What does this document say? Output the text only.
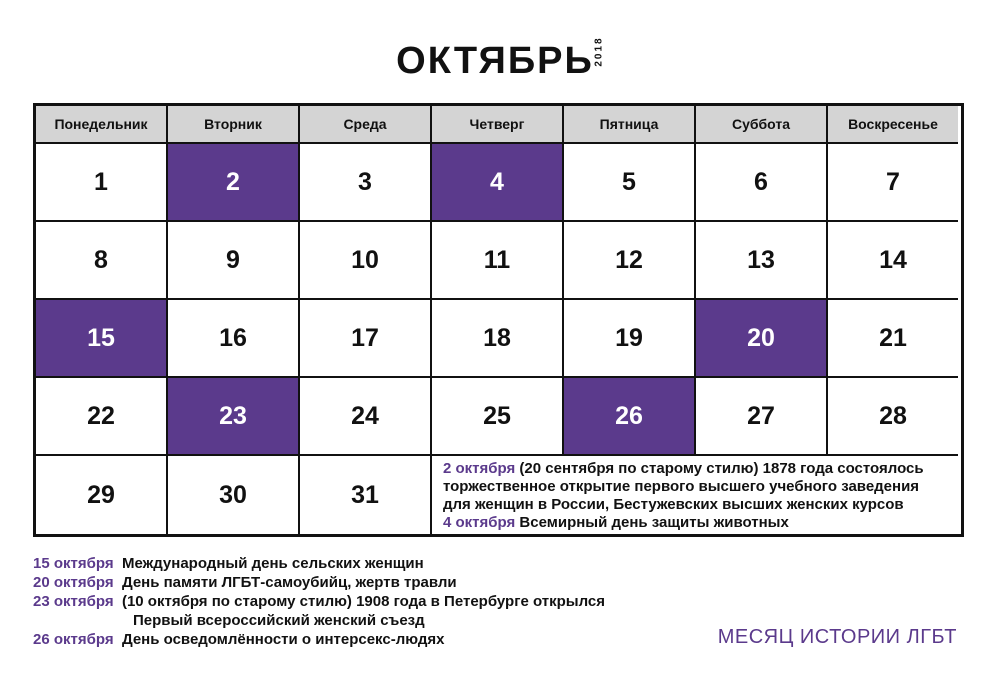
ОКТЯБРЬ 2018
Понедельник	Вторник	Среда	Четверг	Пятница	Суббота	Воскресенье
1	2	3	4	5	6	7
8	9	10	11	12	13	14
15	16	17	18	19	20	21
22	23	24	25	26	27	28
29	30	31
2 октября (20 сентября по старому стилю) 1878 года состоялось
торжественное открытие первого высшего учебного заведения
для женщин в России, Бестужевских высших женских курсов
4 октября Всемирный день защиты животных
15 октября Международный день сельских женщин
20 октября День памяти ЛГБТ-самоубийц, жертв травли
23 октября (10 октября по старому стилю) 1908 года в Петербурге открылся
Первый всероссийский женский съезд
26 октября День осведомлённости о интерсекс-людях	МЕСЯЦ ИСТОРИИ ЛГБТ
